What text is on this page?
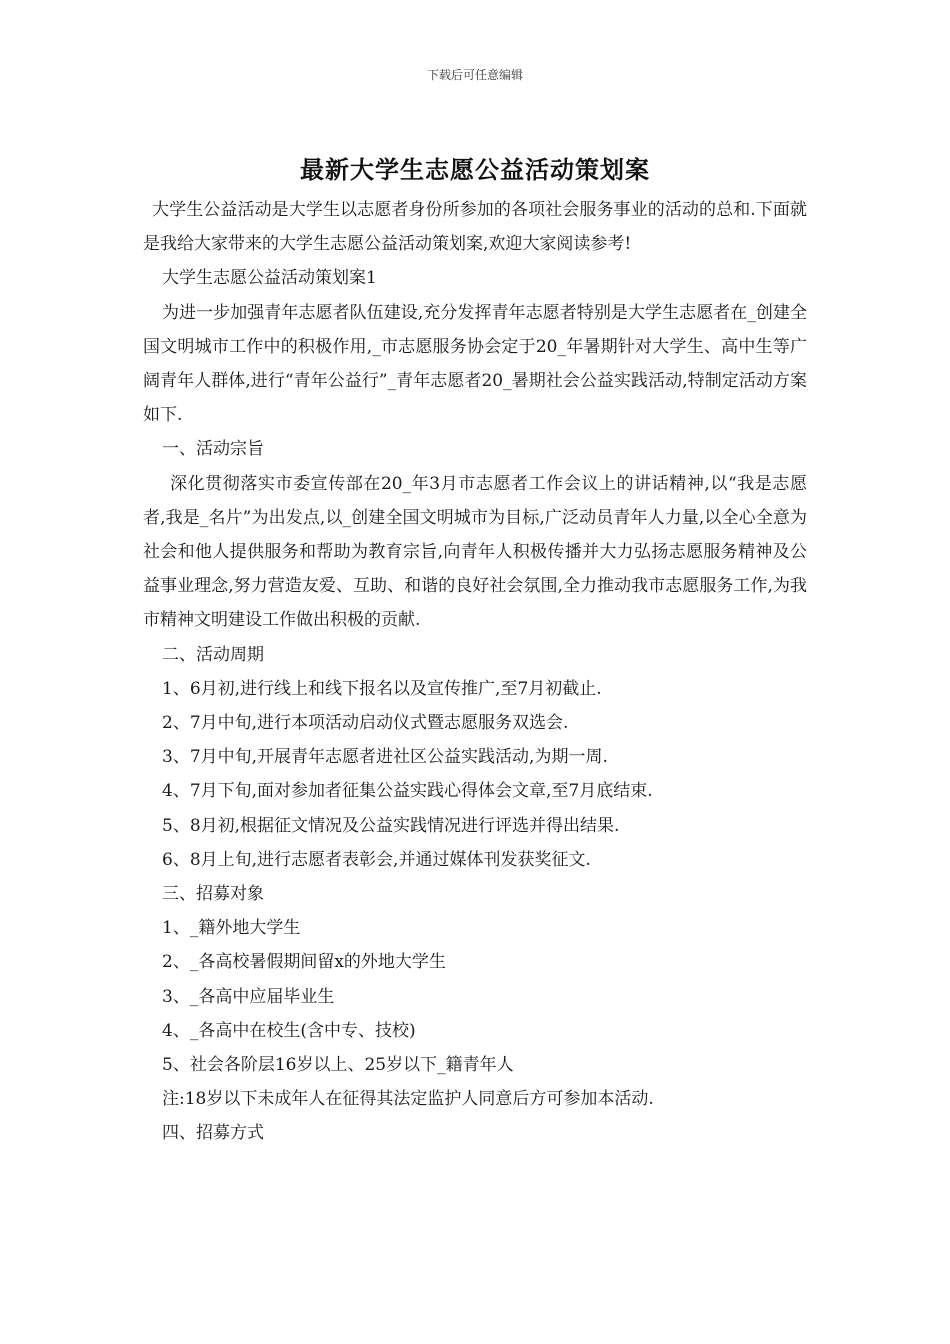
下载后可任意编辑
最新大学生志愿公益活动策划案

大学生公益活动是大学生以志愿者身份所参加的各项社会服务事业的活动的总和.下面就是我给大家带来的大学生志愿公益活动策划案,欢迎大家阅读参考!

大学生志愿公益活动策划案1

为进一步加强青年志愿者队伍建设,充分发挥青年志愿者特别是大学生志愿者在_创建全国文明城市工作中的积极作用,_市志愿服务协会定于20_年暑期针对大学生、高中生等广阔青年人群体,进行“青年公益行”_青年志愿者20_暑期社会公益实践活动,特制定活动方案如下.

一、活动宗旨

深化贯彻落实市委宣传部在20_年3月市志愿者工作会议上的讲话精神,以“我是志愿者,我是_名片”为出发点,以_创建全国文明城市为目标,广泛动员青年人力量,以全心全意为社会和他人提供服务和帮助为教育宗旨,向青年人积极传播并大力弘扬志愿服务精神及公益事业理念,努力营造友爱、互助、和谐的良好社会氛围,全力推动我市志愿服务工作,为我市精神文明建设工作做出积极的贡献.

二、活动周期

1、6月初,进行线上和线下报名以及宣传推广,至7月初截止.

2、7月中旬,进行本项活动启动仪式暨志愿服务双选会.

3、7月中旬,开展青年志愿者进社区公益实践活动,为期一周.

4、7月下旬,面对参加者征集公益实践心得体会文章,至7月底结束.

5、8月初,根据征文情况及公益实践情况进行评选并得出结果.

6、8月上旬,进行志愿者表彰会,并通过媒体刊发获奖征文.

三、招募对象

1、_籍外地大学生

2、_各高校暑假期间留x的外地大学生

3、_各高中应届毕业生

4、_各高中在校生(含中专、技校)

5、社会各阶层16岁以上、25岁以下_籍青年人

注:18岁以下未成年人在征得其法定监护人同意后方可参加本活动.

四、招募方式
